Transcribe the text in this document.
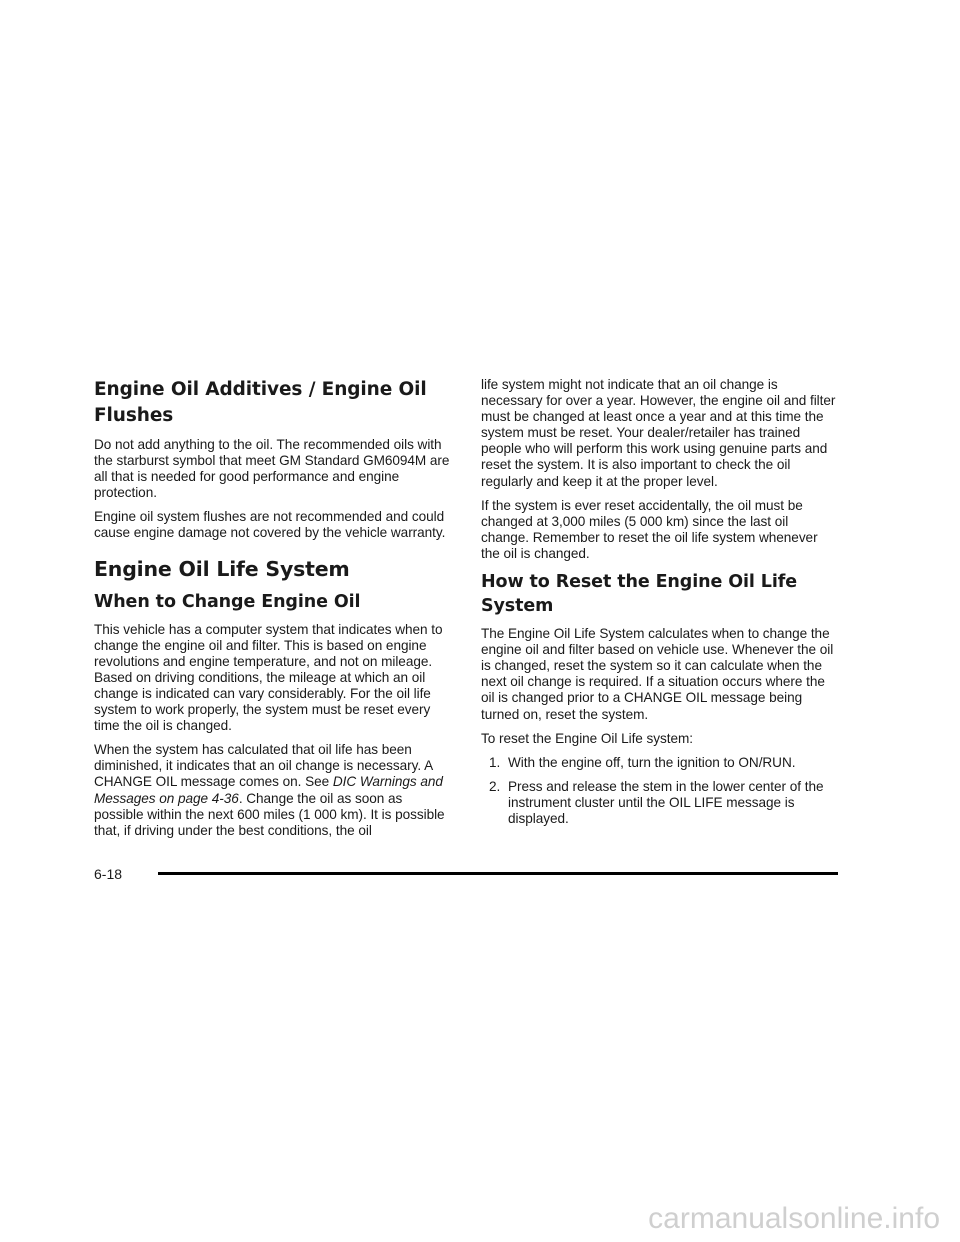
Engine Oil Additives / Engine Oil Flushes

Do not add anything to the oil. The recommended oils with the starburst symbol that meet GM Standard GM6094M are all that is needed for good performance and engine protection.

Engine oil system flushes are not recommended and could cause engine damage not covered by the vehicle warranty.

Engine Oil Life System
When to Change Engine Oil

This vehicle has a computer system that indicates when to change the engine oil and filter. This is based on engine revolutions and engine temperature, and not on mileage. Based on driving conditions, the mileage at which an oil change is indicated can vary considerably. For the oil life system to work properly, the system must be reset every time the oil is changed.

When the system has calculated that oil life has been diminished, it indicates that an oil change is necessary. A CHANGE OIL message comes on. See DIC Warnings and Messages on page 4-36. Change the oil as soon as possible within the next 600 miles (1 000 km). It is possible that, if driving under the best conditions, the oil

life system might not indicate that an oil change is necessary for over a year. However, the engine oil and filter must be changed at least once a year and at this time the system must be reset. Your dealer/retailer has trained people who will perform this work using genuine parts and reset the system. It is also important to check the oil regularly and keep it at the proper level.

If the system is ever reset accidentally, the oil must be changed at 3,000 miles (5 000 km) since the last oil change. Remember to reset the oil life system whenever the oil is changed.

How to Reset the Engine Oil Life System

The Engine Oil Life System calculates when to change the engine oil and filter based on vehicle use. Whenever the oil is changed, reset the system so it can calculate when the next oil change is required. If a situation occurs where the oil is changed prior to a CHANGE OIL message being turned on, reset the system.

To reset the Engine Oil Life system:

1. With the engine off, turn the ignition to ON/RUN.
2. Press and release the stem in the lower center of the instrument cluster until the OIL LIFE message is displayed.
6-18
carmanualsonline.info
